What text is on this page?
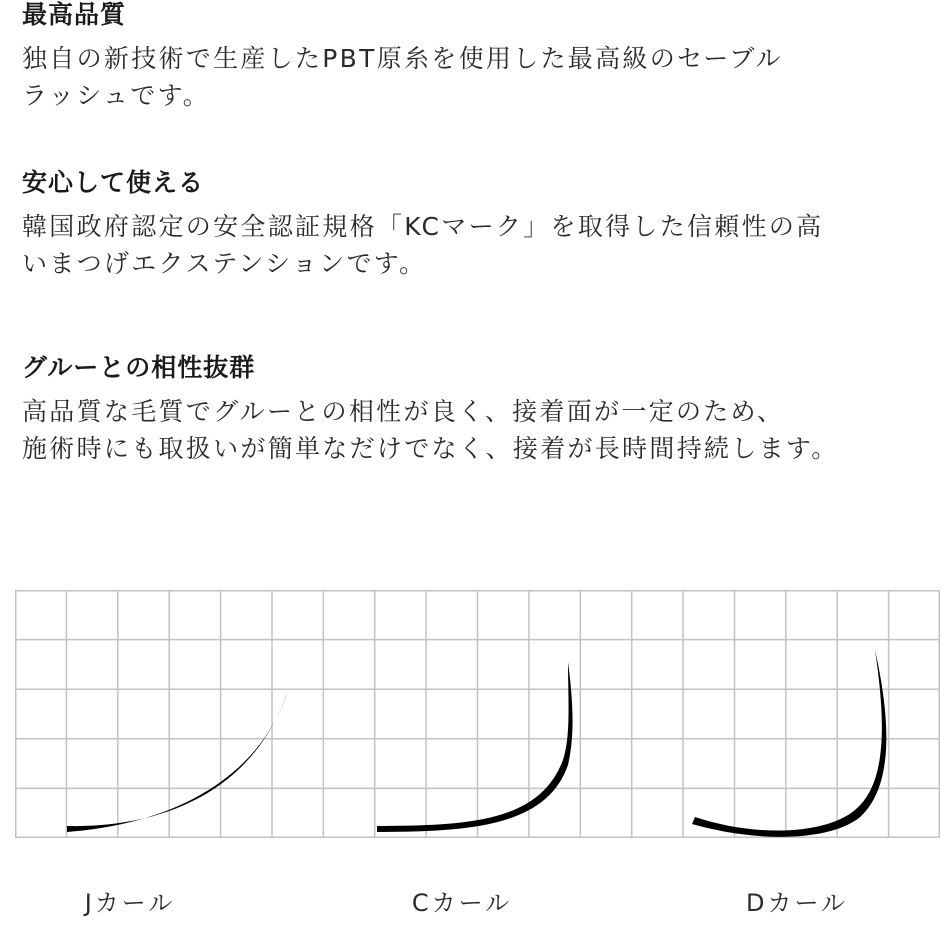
最高品質

独自の新技術で生産したPBT原糸を使用した最高級のセーブル
ラッシュです。

安心して使える

韓国政府認定の安全認証規格「KCマーク」を取得した信頼性の高
いまつげエクステンションです。

グルーとの相性抜群

高品質な毛質でグルーとの相性が良く、接着面が一定のため、
施術時にも取扱いが簡単なだけでなく、接着が長時間持続します。

Jカール	Cカール	Dカール
